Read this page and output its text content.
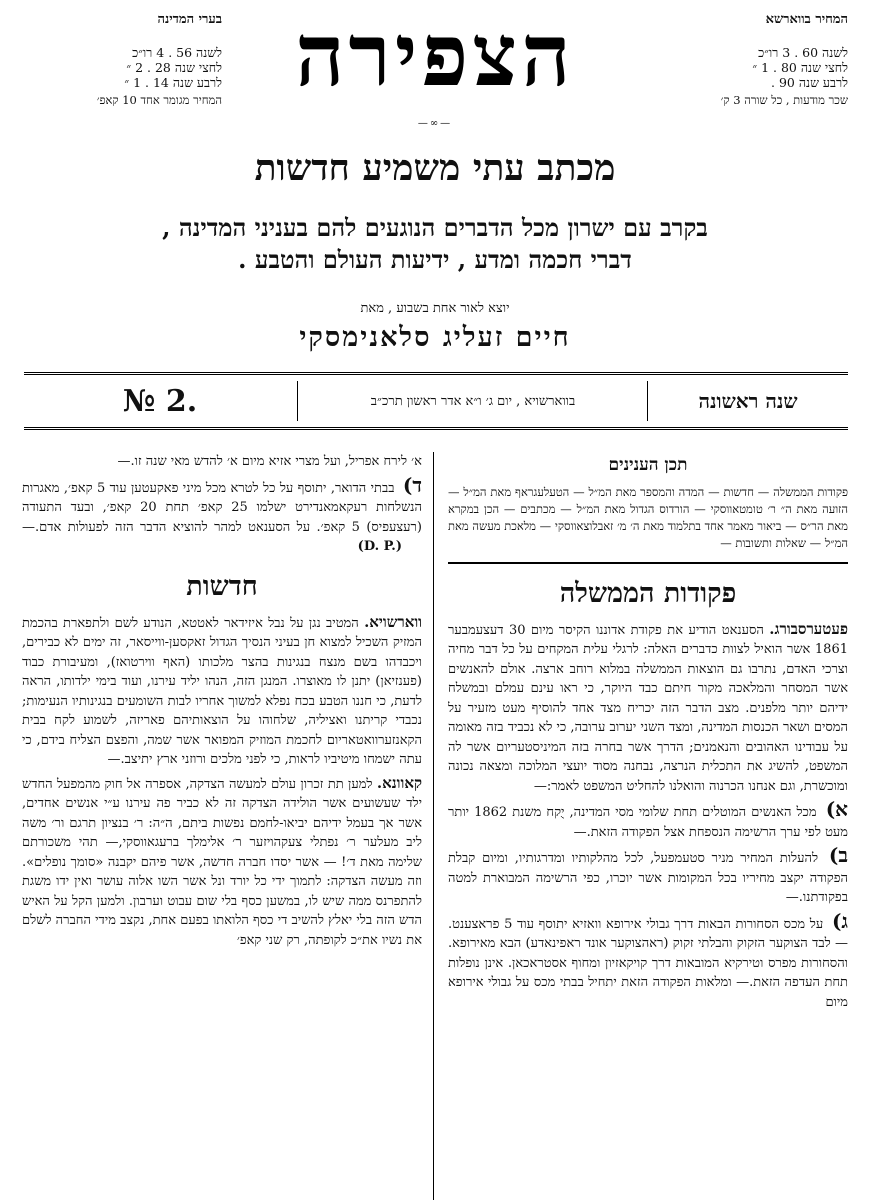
המחיר בווארשא
לשנה 60 . 3 רו״כ
לחצי שנה 80 . 1 ״
לרבע שנה 90 .
שכר מודעות , כל שורה 3 ק׳
בערי המדינה
לשנה 56 . 4 רו״כ
לחצי שנה 28 . 2 ״
לרבע שנה 14 . 1 ״
המחיר מגומר אחד 10 קאפ׳ הצפירה
—∞—
מכתב עתי משמיע חדשות
בקרב עם ישרון מכל הדברים הנוגעים להם בעניני המדינה ,
דברי חכמה ומדע , ידיעות העולם והטבע .
יוצא לאור אחת בשבוע , מאת
חיים זעליג סלאנימסקי
שנה ראשונה
בווארשויא , יום ג׳ ו״א אדר ראשון תרכ״ב
№ 2.
תכן הענינים
פקודות הממשלה — חדשות — המדה והמספר מאת המ״ל — הטעלעגראף מאת המ״ל — הזועה מאת ה״ ר׳ טומטאווסקי — הורדוס הגדול מאת המ״ל — מכתבים — הכן במקרא מאת הר״ס — ביאור מאמר אחד בתלמוד מאת ה׳ מ׳ זאבלוצאווסקי — מלאכת מעשה מאת המ״ל — שאלות ותשובות —
פקודות הממשלה

פעטערסבורג. הסענאט הודיע את פקודת אדוננו הקיסר מיום 30 דעצעמבער 1861 אשר הואיל לצוות כדברים האלה: לרגלי עלית המקחים על כל דבר מחיה וצרכי האדם, נתרבו גם הוצאות הממשלה במלוא רוחב ארצה. אולם להאנשים אשר המסחר והמלאכה מקור חיתם כבד היוקר, כי ראו עינם עמלם ובמשלח ידיהם יותר מלפנים. מצב הדבר הזה יכריח מצד אחד להוסיף מעט מזעיר על המסים ושאר הכנסות המדינה, ומצד השני יערוב ערובה, כי לא נכביד בזה מאומה על עבודינו האהובים והנאמנים; הדרך אשר בחרה בזה המיניסטעריום אשר לה המשפט, להשיג את התכלית הנרצה, נבחנה מסוד יועצי המלוכה ומצאה נכונה ומוכשרת, וגם אנחנו הכרנוה והואלנו להחליט המשפט לאמר:—

א) מכל האנשים המוטלים תחת שלומי מסי המדינה, יֻקח משנת 1862 יותר מעט לפי ערך הרשימה הנספחת אצל הפקודה הזאת.—

ב) להעלות המחיר מניר סטעמפעל, לכל מהלקותיו ומדרגותיו, ומיום קבלת הפקודה יקצב מחיריו בכל המקומות אשר יוכרו, כפי הרשימה המבוארת למטה בפקודתנו.—

ג) על מכס הסחורות הבאות דרך גבולי אירופא וואזיא יתוסף עוד 5 פראצענט. — לבד הצוקער הזקוק והבלתי זקוק (ראהצוקער אונד ראפינאדע) הבא מאירופא. והסחורות מפרס וטירקיא המובאות דרך קויקאזיון ומחוף אסטראכאן. אינן נופלות תחת העדפה הזאת.— ומלאות הפקודה הזאת יתחיל בבתי מכס על גבולי אירופא מיום

א׳ לירח אפריל, ועל מצרי אזיא מיום א׳ להדש מאי שנה זו.—

ד) בבתי הדואר, יתוסף על כל לטרא מכל מיני פאקעטען עוד 5 קאפ׳, מאגרות הנשלחות רעקאמאנדירט ישלמו 25 קאפ׳ תחת 20 קאפ׳, ובעד התעודה (רעצעפיס) 5 קאפ׳. על הסענאט למהר להוציא הדבר הזה לפעולות אדם.— (D. P.)

חדשות

ווארשויא. המטיב נגן על נבל איזידאר לאטטא, הנודע לשם ולתפארת בהכמת המזיק השכיל למצוא חן בעיני הנסיך הגדול זאקסען-ווייסאר, זה ימים לא כבירים, ויכבדהו בשם מנצח בנגינות בהצר מלכותו (האף ווירטואז), ומעיבורת כבוד (פענזיאן) יתנן לו מאוצרו. המנגן הזה, הנהו יליד עירנו, ועוד בימי ילדותו, הראה לדעת, כי חננו הטבע בכח נפלא למשוך אחריו לבות השומעים בנגינותיו הנעימות; נכבדי קריתנו ואציליה, שלחוהו על הוצאותיהם פאריזה, לשמוע לקח בבית הקאנזערוואטאריום לחכמת המוזיק המפואר אשר שמה, והפצם הצליח בידם, כי עתה ישמחו מיטיביו לראות, כי לפני מלכים ורוזני ארץ יתיצב.—

קאוונא. למען תת זכרון עולם למעשה הצדקה, אספרה אל חוק מהמפעל החדש ילד שעשועים אשר הולידה הצדקה זה לא כביר פה עירנו ע״י אנשים אחדים, אשר אך בעמל ידיהם יביאו-לחמם נפשות ביתם, ה״ה: ר׳ בנציון תרגם ור׳ משה ליב מעלער ר׳ נפתלי צעקהויזער ר׳ אלימלך ברעגאווסקי,— תהי משכורתם שלימה מאת ד׳! — אשר יסדו חברה חדשה, אשר פיהם יקבנה «סומך נופלים». וזה מעשה הצדקה: לתמוך ידי כל יורד ונל אשר השו אלוה עושר ואין ידו משגת להתפרנס ממה שיש לו, במשען כסף בלי שום עבוט וערבון. ולמען הקל על האיש הדש הזה בלי יאלץ להשיב די כסף הלואתו בפעם אחת, נקצב מידי החברה לשלם את נשיו את״כ לקופתה, רק שני קאפ׳
